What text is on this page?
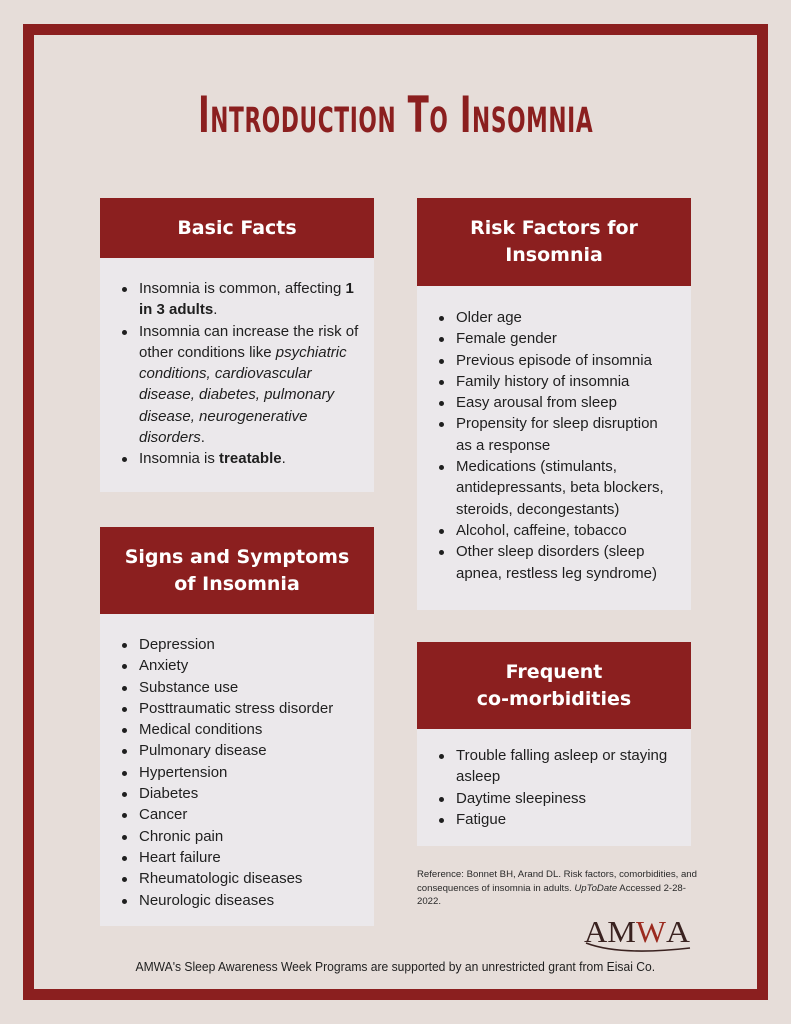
Introduction To Insomnia
Basic Facts
Insomnia is common, affecting 1 in 3 adults.
Insomnia can increase the risk of other conditions like psychiatric conditions, cardiovascular disease, diabetes, pulmonary disease, neurogenerative disorders.
Insomnia is treatable.
Risk Factors for Insomnia
Older age
Female gender
Previous episode of insomnia
Family history of insomnia
Easy arousal from sleep
Propensity for sleep disruption as a response
Medications (stimulants, antidepressants, beta blockers, steroids, decongestants)
Alcohol, caffeine, tobacco
Other sleep disorders (sleep apnea, restless leg syndrome)
Signs and Symptoms of Insomnia
Depression
Anxiety
Substance use
Posttraumatic stress disorder
Medical conditions
Pulmonary disease
Hypertension
Diabetes
Cancer
Chronic pain
Heart failure
Rheumatologic diseases
Neurologic diseases
Frequent
co-morbidities
Trouble falling asleep or staying asleep
Daytime sleepiness
Fatigue

Reference: Bonnet BH, Arand DL. Risk factors, comorbidities, and consequences of insomnia in adults. UpToDate Accessed 2-28-2022.

AM W A
AMWA's Sleep Awareness Week Programs are supported by an unrestricted grant from Eisai Co.
